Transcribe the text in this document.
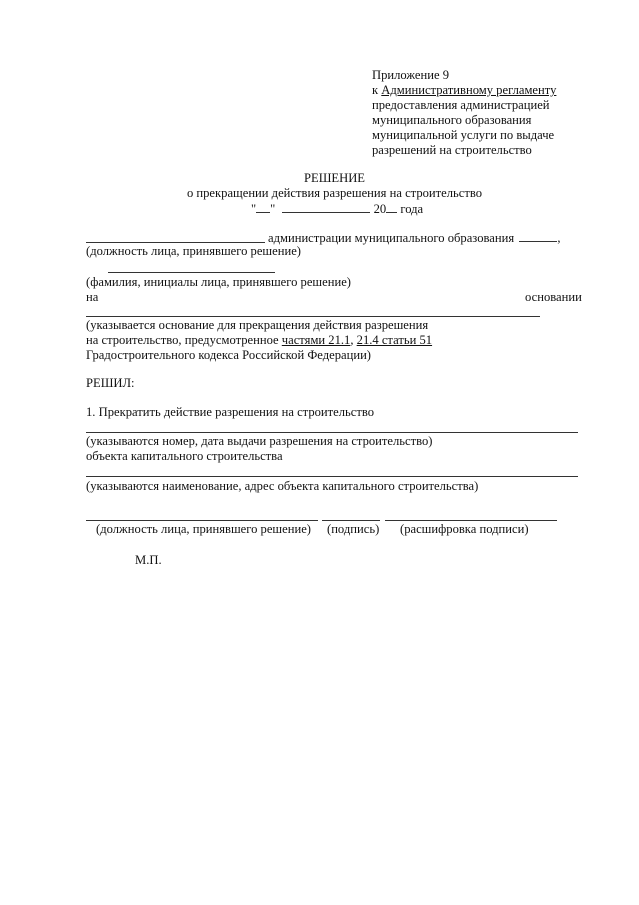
Приложение 9
к Административному регламенту
предоставления администрацией
муниципального образования
муниципальной услуги по выдаче
разрешений на строительство
РЕШЕНИЕ
о прекращении действия разрешения на строительство
" "	20 года
администрации муниципального образования	,
(должность лица, принявшего решение)
(фамилия, инициалы лица, принявшего решение)
на	основании
(указывается основание для прекращения действия разрешения
на строительство, предусмотренное частями 21.1, 21.4 статьи 51
Градостроительного кодекса Российской Федерации)
РЕШИЛ:
1. Прекратить действие разрешения на строительство
(указываются номер, дата выдачи разрешения на строительство)
объекта капитального строительства
(указываются наименование, адрес объекта капитального строительства)
(должность лица, принявшего решение) (подпись) (расшифровка подписи)
М.П.
